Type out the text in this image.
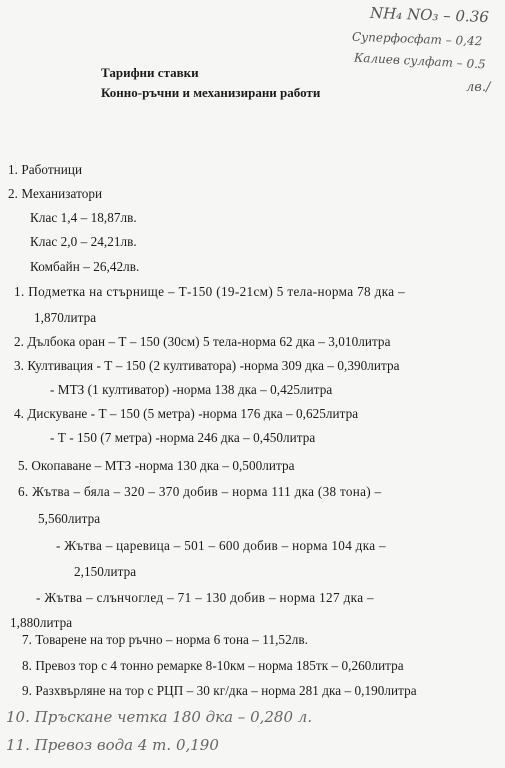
NH₄ NO₃ – 0.36
Суперфосфат – 0,42
Калиев сулфат – 0.5
лв./
Тарифни ставки
Конно-ръчни и механизирани работи
1. Работници
2. Механизатори
Клас 1,4 – 18,87лв.
Клас 2,0 – 24,21лв.
Комбайн – 26,42лв.
1. Подметка на стърнище – Т-150 (19-21см) 5 тела-норма 78 дка –
1,870литра
2. Дълбока оран – Т – 150 (30см) 5 тела-норма 62 дка – 3,010литра
3. Култивация - Т – 150 (2 култиватора) -норма 309 дка – 0,390литра
- МТЗ (1 култиватор) -норма 138 дка – 0,425литра
4. Дискуване - Т – 150 (5 метра) -норма 176 дка – 0,625литра
- Т - 150 (7 метра) -норма 246 дка – 0,450литра
5. Окопаване – МТЗ -норма 130 дка – 0,500литра
6. Жътва – бяла – 320 – 370 добив – норма 111 дка (38 тона) –
5,560литра
- Жътва – царевица – 501 – 600 добив – норма 104 дка –
2,150литра
- Жътва – слънчоглед – 71 – 130 добив – норма 127 дка –
1,880литра
7. Товарене на тор ръчно – норма 6 тона – 11,52лв.
8. Превоз тор с 4 тонно ремарке 8-10км – норма 185тк – 0,260литра
9. Разхвърляне на тор с РЦП – 30 кг/дка – норма 281 дка – 0,190литра
10. Пръскане четка 180 дка – 0,280 л.
11. Превоз вода 4 т. 0,190
